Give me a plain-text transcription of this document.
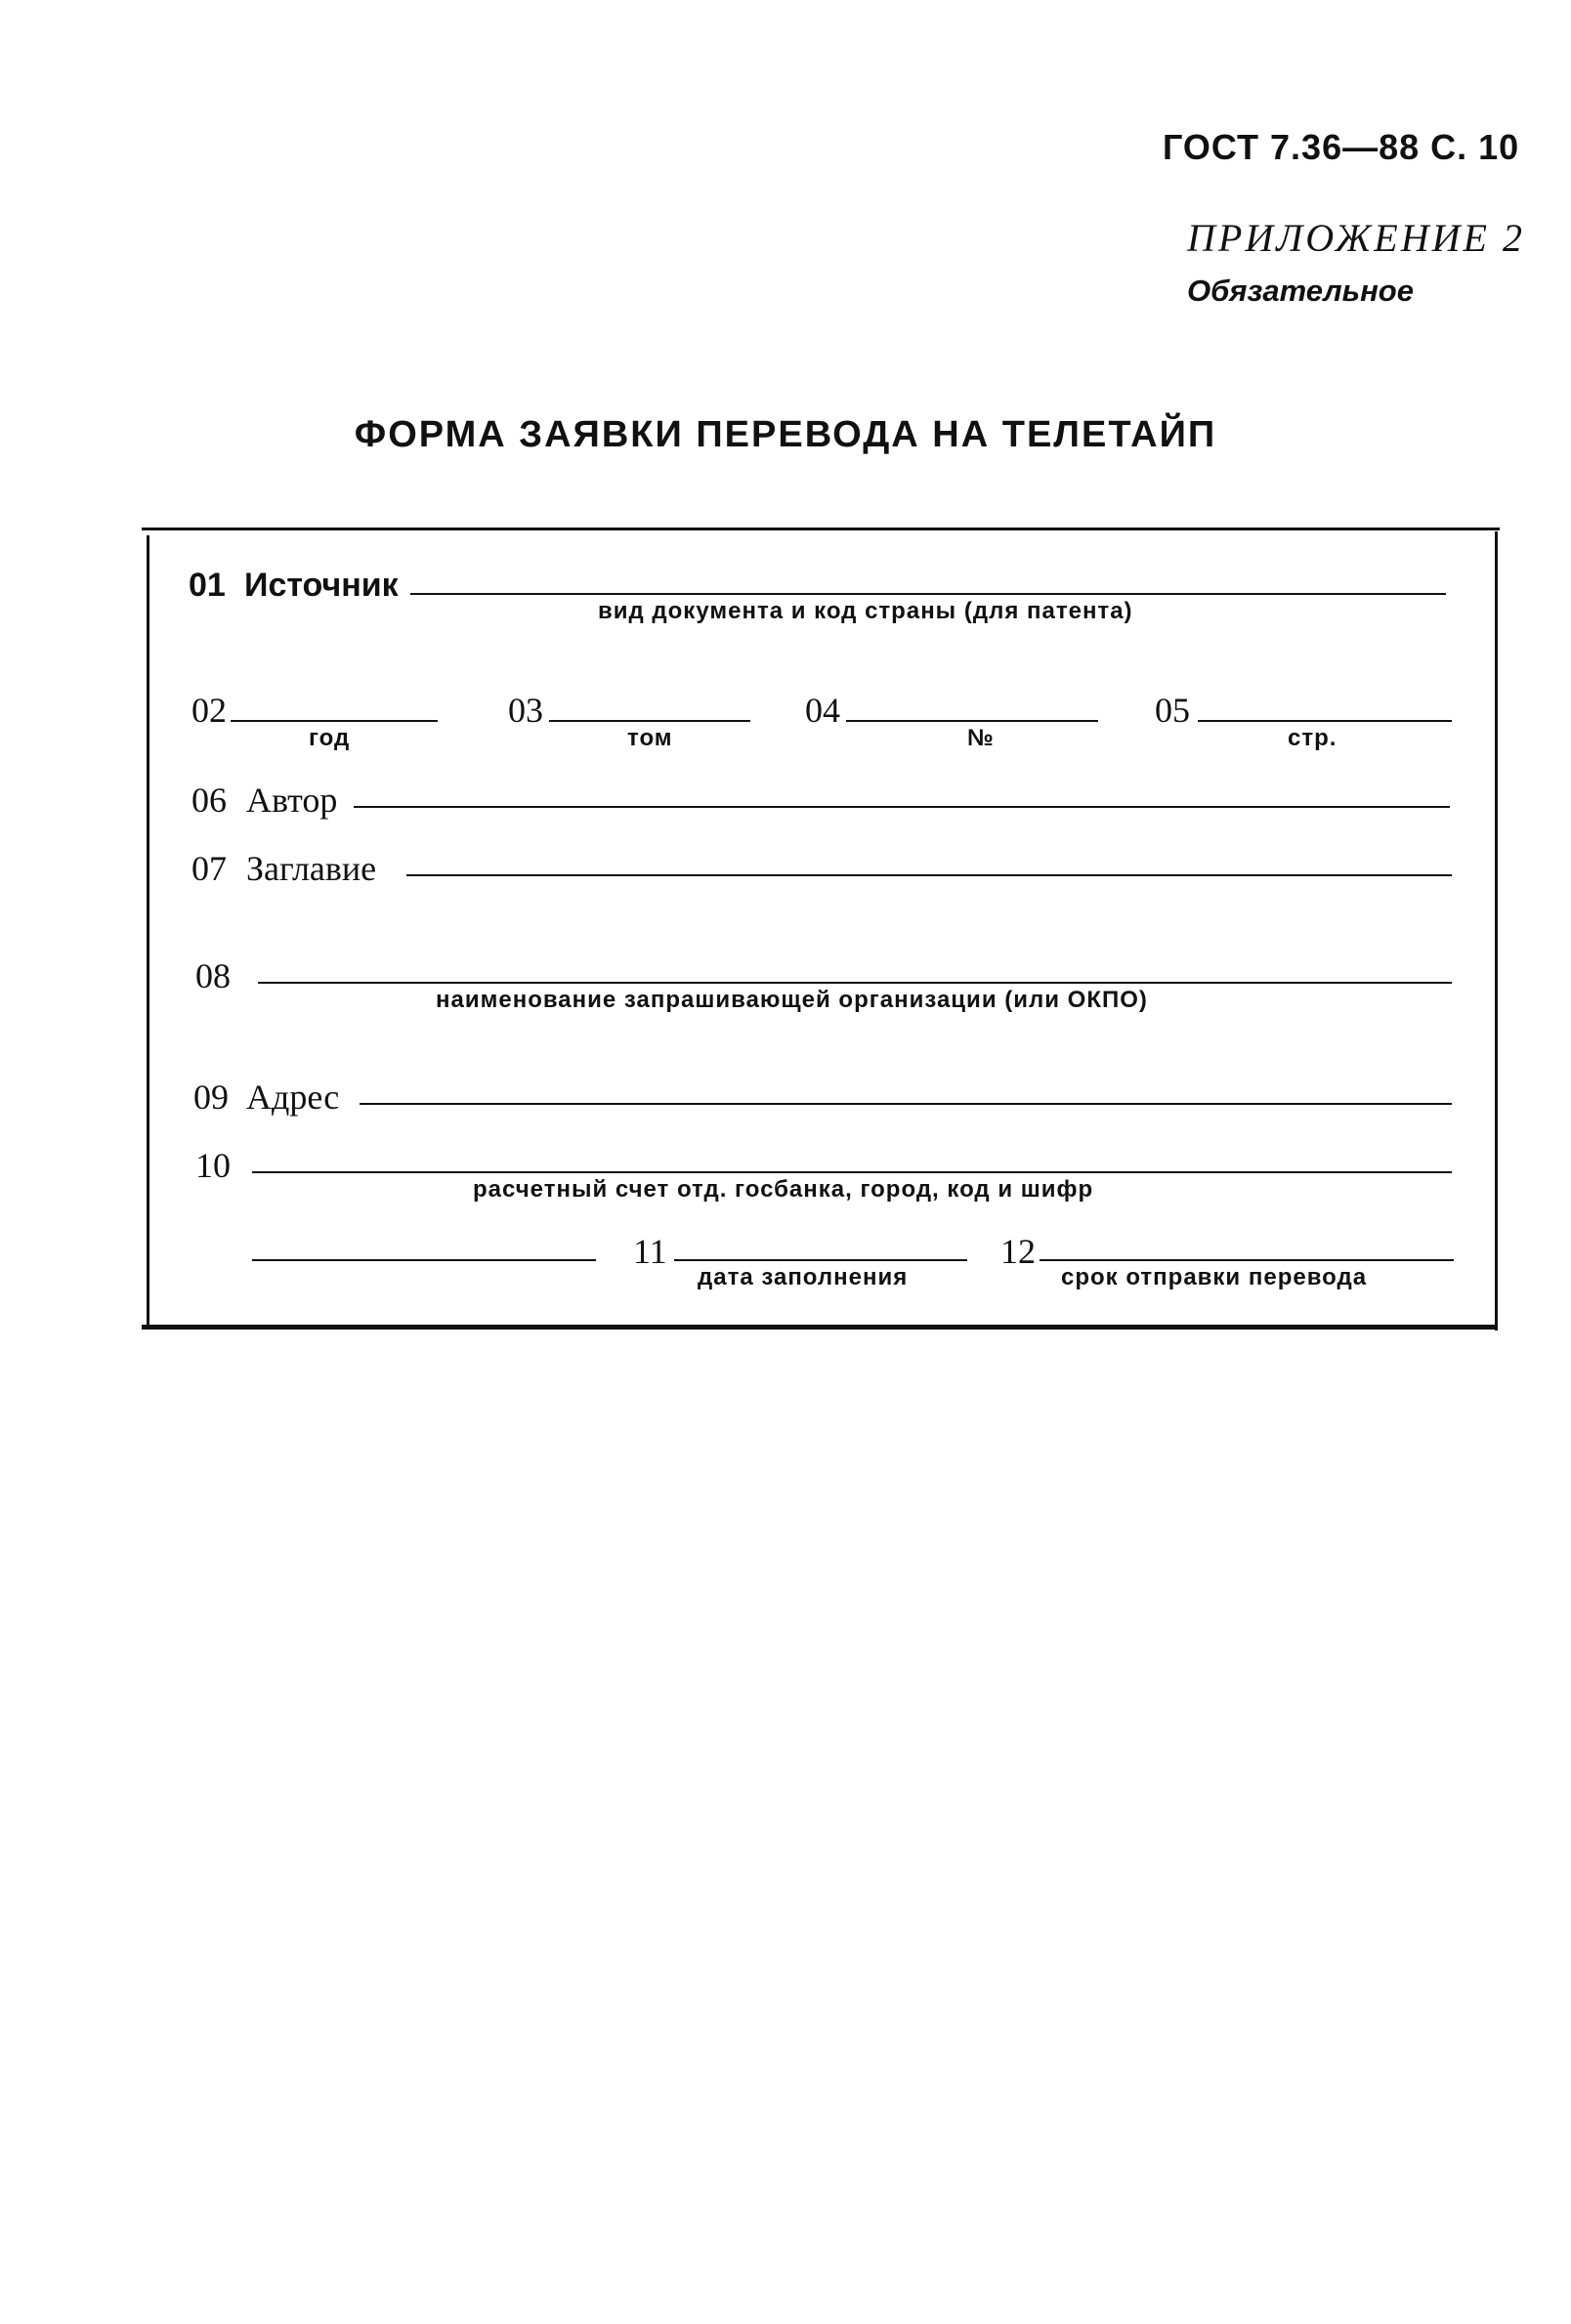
ГОСТ 7.36—88 С. 10
ПРИЛОЖЕНИЕ 2
Обязательное
ФОРМА ЗАЯВКИ ПЕРЕВОДА НА ТЕЛЕТАЙП
01 Источник
вид документа и код страны (для патента)
02
год
03
том
04
№
05
стр.
06 Автор
07 Заглавие
08
наименование запрашивающей организации (или ОКПО)
09 Адрес
10
расчетный счет отд. госбанка, город, код и шифр
11
дата заполнения
12
срок отправки перевода
